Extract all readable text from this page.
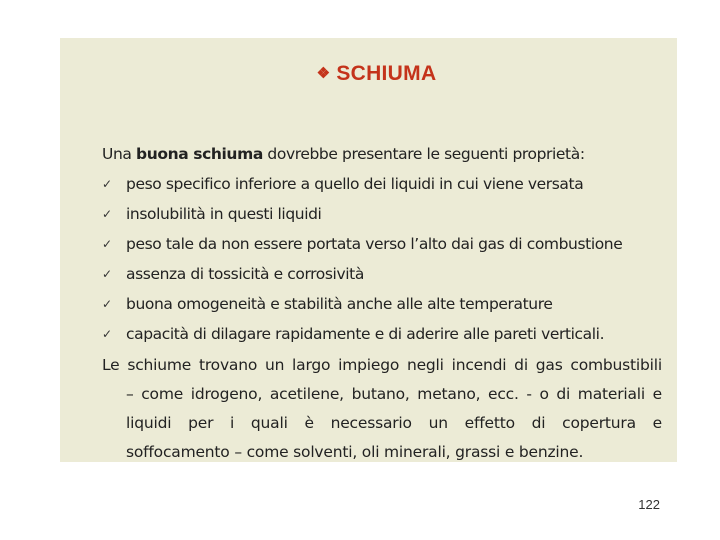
❖ SCHIUMA
Una buona schiuma dovrebbe presentare le seguenti proprietà:
✓ peso specifico inferiore a quello dei liquidi in cui viene versata
✓ insolubilità in questi liquidi
✓ peso tale da non essere portata verso l’alto dai gas di combustione
✓ assenza di tossicità e corrosività
✓ buona omogeneità e stabilità anche alle alte temperature
✓ capacità di dilagare rapidamente e di aderire alle pareti verticali.
Le schiume trovano un largo impiego negli incendi di gas combustibili
– come idrogeno, acetilene, butano, metano, ecc. - o di materiali e
liquidi per i quali è necessario un effetto di copertura e
soffocamento – come solventi, oli minerali, grassi e benzine.
122
